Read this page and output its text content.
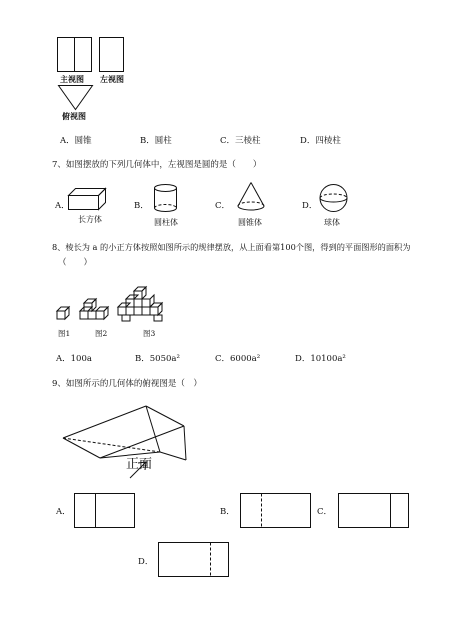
主视图 左视图
俯视图
A．圆锥	B．圆柱	C．三棱柱	D．四棱柱
7、如图摆放的下列几何体中，左视图是圆的是（　　）
A．
长方体
B．
圆柱体
C．
圆锥体
D．
球体
8、棱长为 a 的小正方体按照如图所示的规律摆放，从上面看第100个图，得到的平面图形的面积为
（　　）
图1	图2	图3
A．100a	B．5050a²	C．6000a²	D．10100a²
9、如图所示的几何体的俯视图是（　）
正面
A．	B．	C．
D．
